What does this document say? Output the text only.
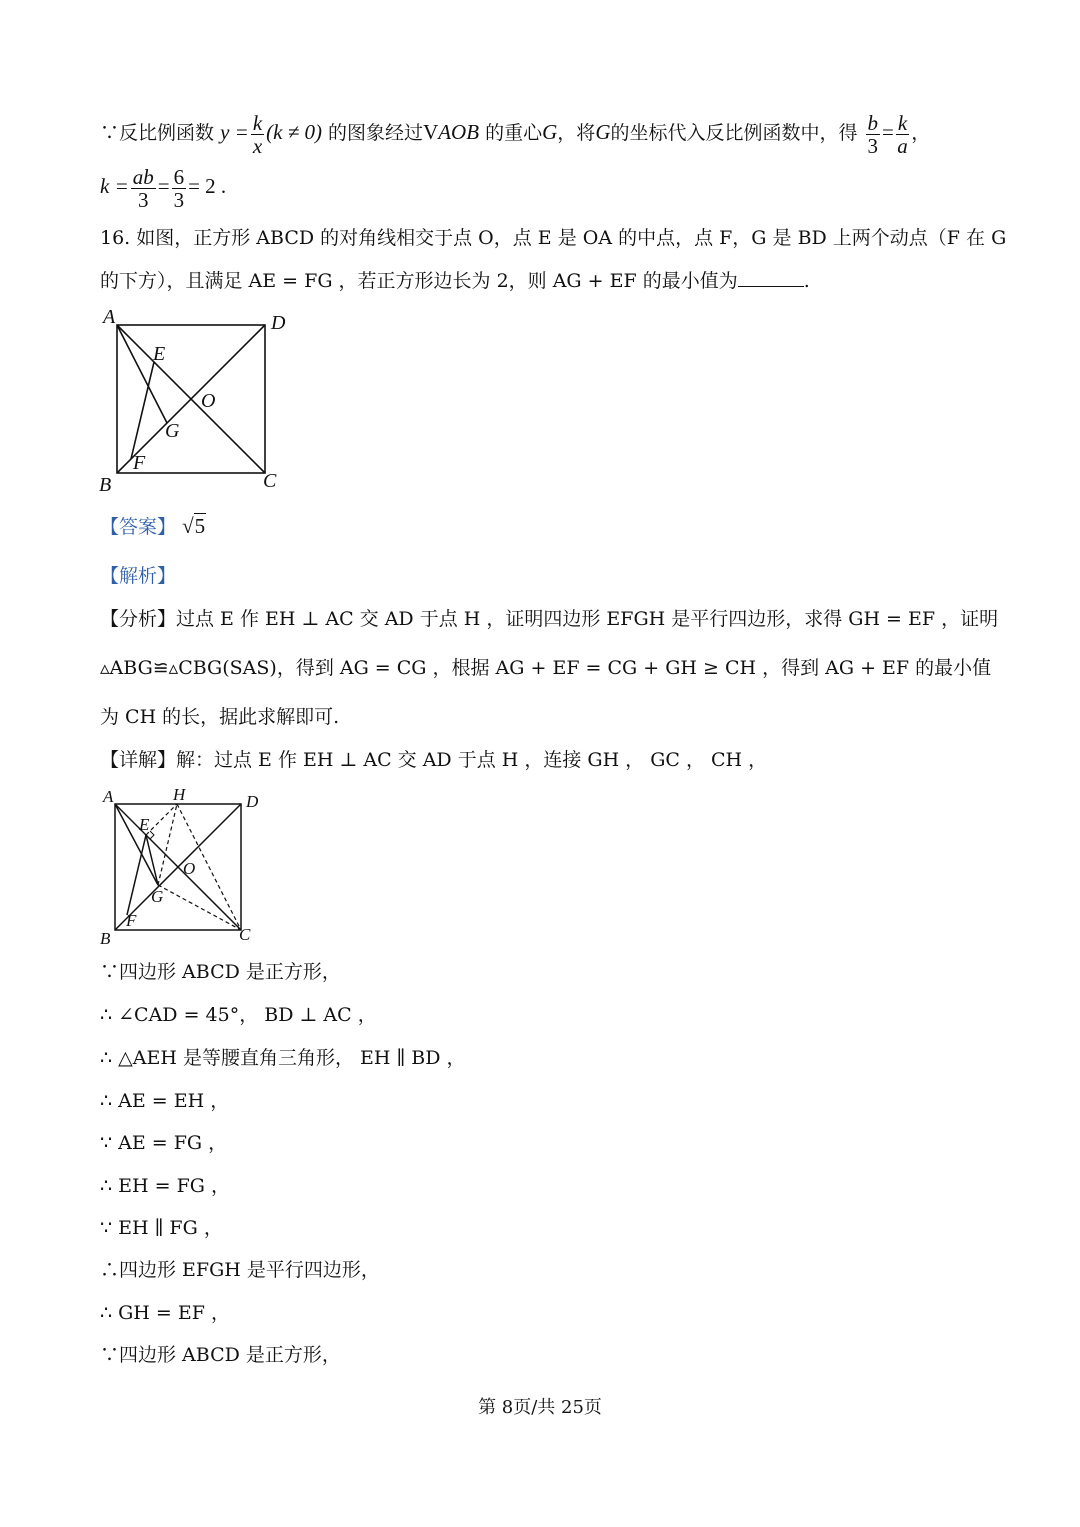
∵反比例函数 $y = \frac{k}{x} (k \ne 0)$ 的图象经过VAOB 的重心G，将G的坐标代入反比例函数中，得 $\frac{b}{3} = \frac{k}{a}$ ，
$k = \frac{ab}{3} = \frac{6}{3} = 2$ .
16. 如图，正方形 ABCD 的对角线相交于点 O，点 E 是 OA 的中点，点 F，G 是 BD 上两个动点（F 在 G
的下方），且满足 AE = FG ，若正方形边长为 2，则 AG + EF 的最小值为	.
A	D
B	C
E
O
G
F
【答案】 √5
【解析】
【分析】过点 E 作 EH ⊥ AC 交 AD 于点 H ，证明四边形 EFGH 是平行四边形，求得 GH = EF ，证明
▵ABG≌▵CBG(SAS)，得到 AG = CG ，根据 AG + EF = CG + GH ≥ CH ，得到 AG + EF 的最小值
为 CH 的长，据此求解即可.
【详解】解：过点 E 作 EH ⊥ AC 交 AD 于点 H ，连接 GH ， GC ， CH ，
A	H	D
E
O
G
F
B	C
∵四边形 ABCD 是正方形，
∴ ∠CAD = 45°， BD ⊥ AC ，
∴ △AEH 是等腰直角三角形， EH ∥ BD ，
∴ AE = EH ，
∵ AE = FG ，
∴ EH = FG ，
∵ EH ∥ FG ，
∴四边形 EFGH 是平行四边形，
∴ GH = EF ，
∵四边形 ABCD 是正方形，
第 8页/共 25页
